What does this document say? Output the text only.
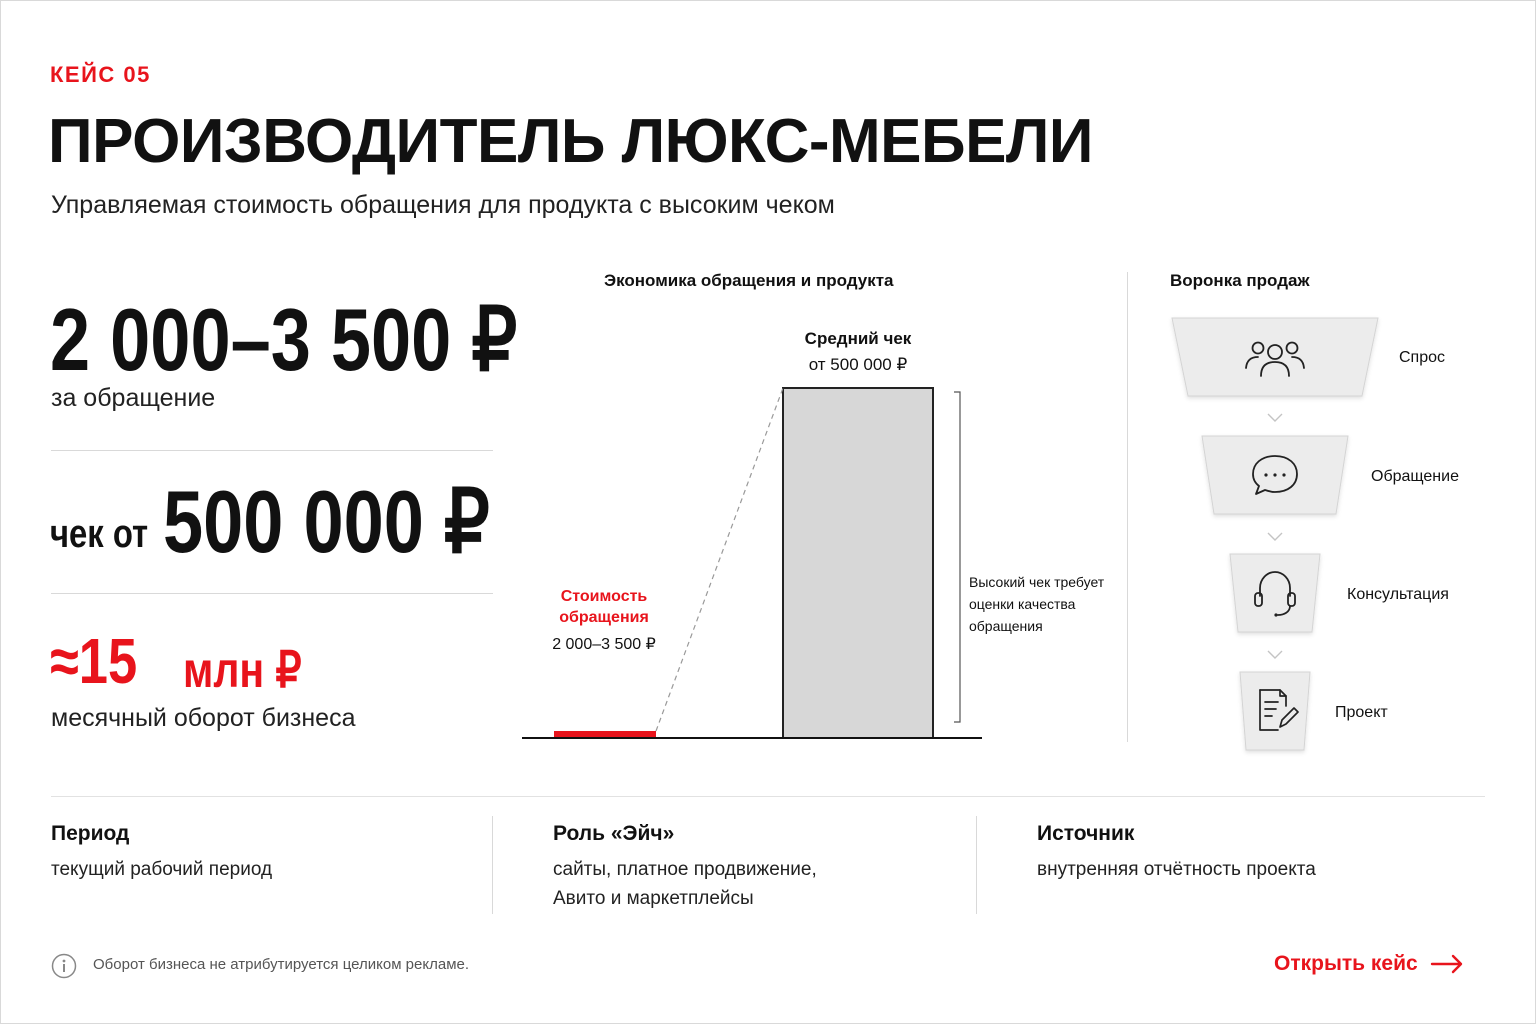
КЕЙС 05
ПРОИЗВОДИТЕЛЬ ЛЮКС-МЕБЕЛИ
Управляемая стоимость обращения для продукта с высоким чеком
2 000–3 500 ₽
за обращение
чек от 500 000 ₽
≈15 млн ₽
месячный оборот бизнеса
Экономика обращения и продукта
Средний чек
от 500 000 ₽
Стоимость обращения
2 000–3 500 ₽
Высокий чек требует оценки качества обращения
Воронка продаж
Спрос
Обращение
Консультация
Проект
Период
текущий рабочий период
Роль «Эйч»
сайты, платное продвижение,
Авито и маркетплейсы
Источник
внутренняя отчётность проекта
Оборот бизнеса не атрибутируется целиком рекламе.	Открыть кейс
